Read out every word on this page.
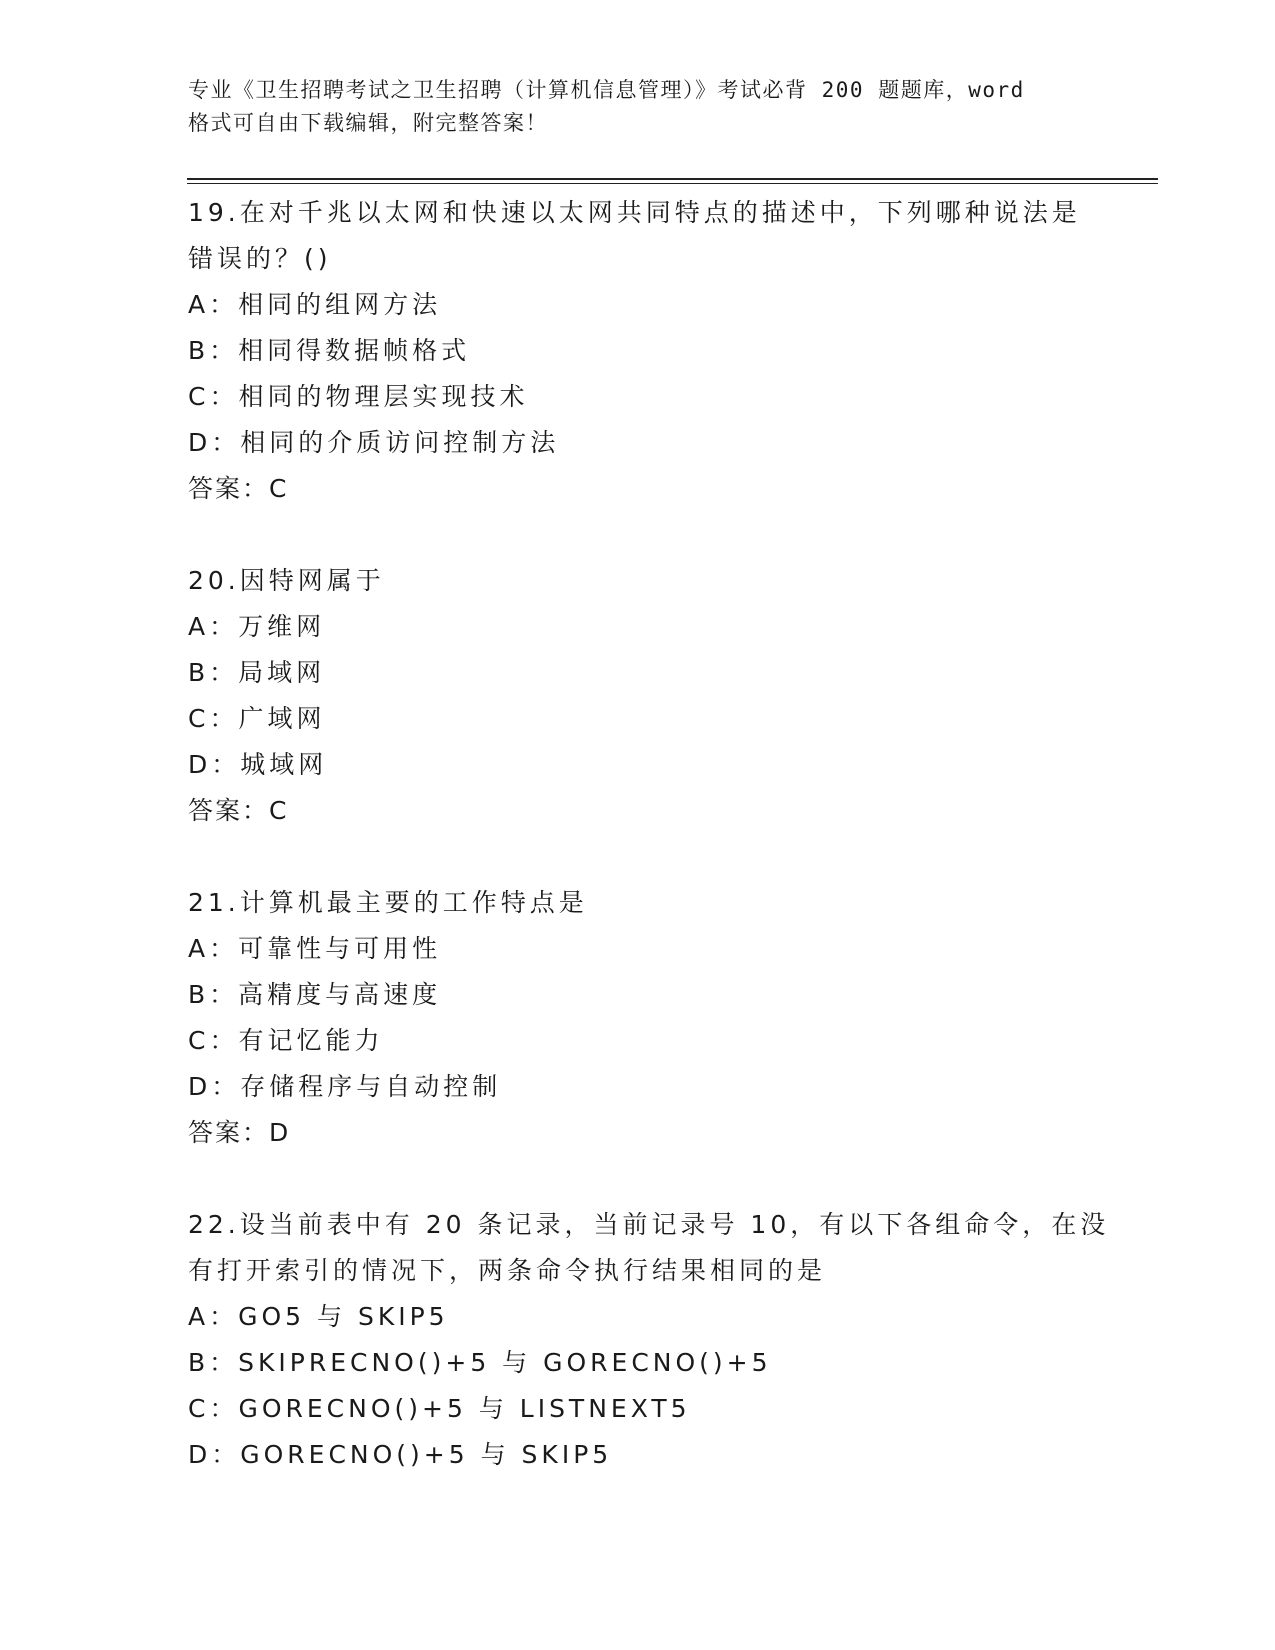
专业《卫生招聘考试之卫生招聘（计算机信息管理）》考试必背 200 题题库，word
格式可自由下载编辑，附完整答案！
19.在对千兆以太网和快速以太网共同特点的描述中，下列哪种说法是
错误的？()
A：相同的组网方法
B：相同得数据帧格式
C：相同的物理层实现技术
D：相同的介质访问控制方法
答案：C
20.因特网属于
A：万维网
B：局域网
C：广域网
D：城域网
答案：C
21.计算机最主要的工作特点是
A：可靠性与可用性
B：高精度与高速度
C：有记忆能力
D：存储程序与自动控制
答案：D
22.设当前表中有 20 条记录，当前记录号 10，有以下各组命令，在没
有打开索引的情况下，两条命令执行结果相同的是
A：GO5 与 SKIP5
B：SKIPRECNO()+5 与 GORECNO()+5
C：GORECNO()+5 与 LISTNEXT5
D：GORECNO()+5 与 SKIP5
